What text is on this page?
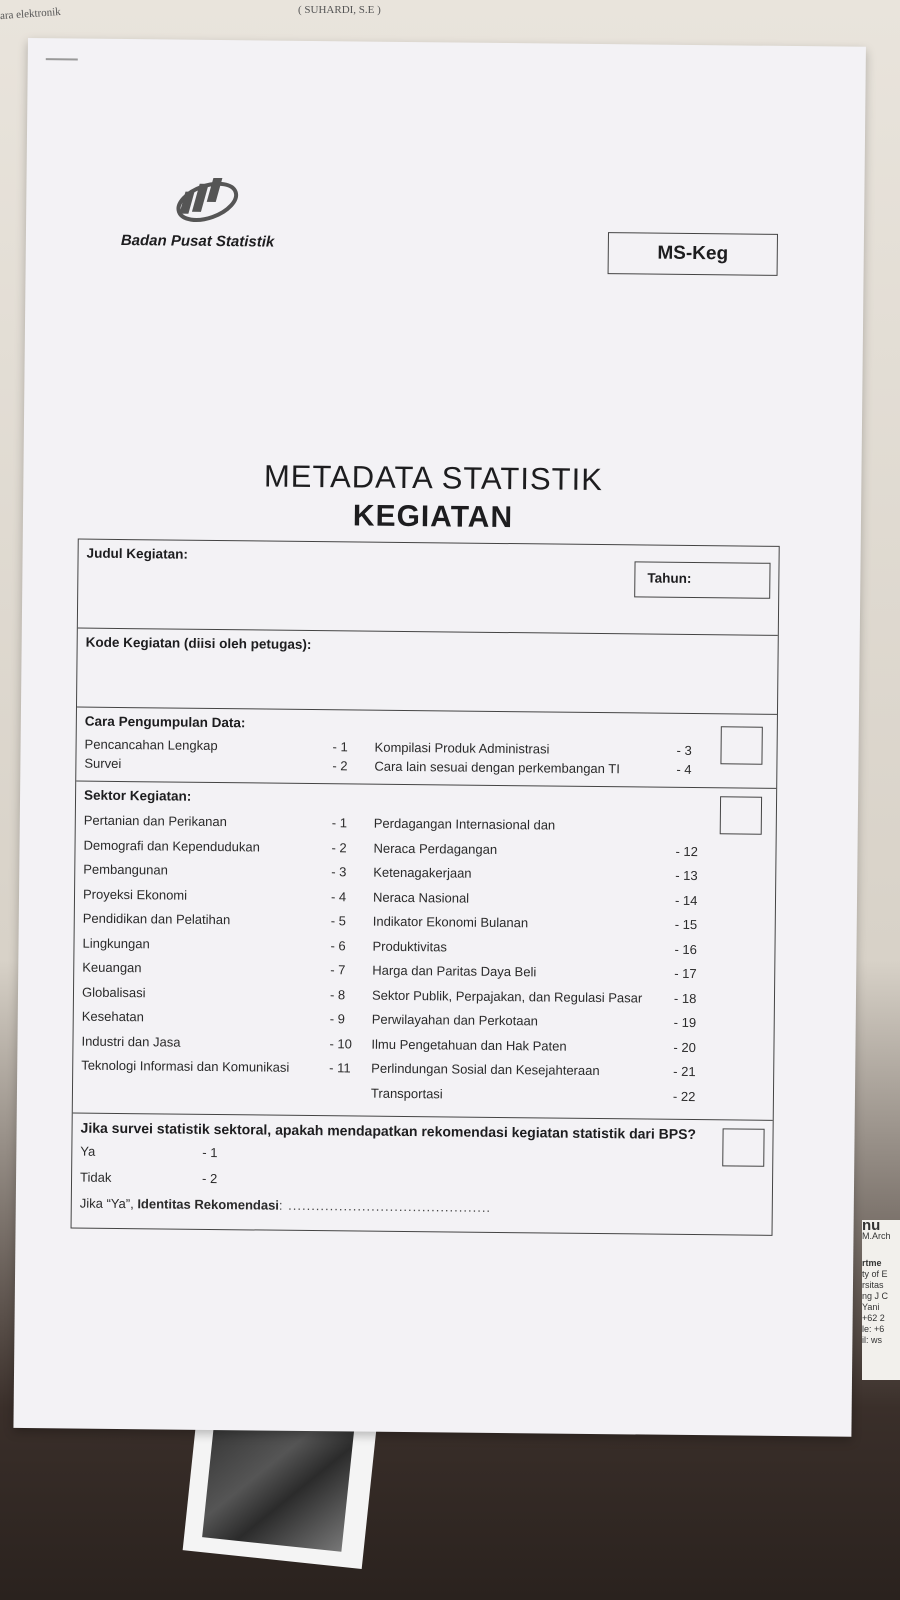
ara elektronik	( SUHARDI, S.E )
nu
M.Arch
rtme
ty of E
rsitas
ng J C
Yani
+62 2
le: +6
il: ws
Badan Pusat Statistik
MS-Keg
METADATA STATISTIK
KEGIATAN
Judul Kegiatan:
Tahun:
Kode Kegiatan (diisi oleh petugas):
Cara Pengumpulan Data:
Pencancahan Lengkap	- 1 Kompilasi Produk Administrasi	- 3
Survei	- 2 Cara lain sesuai dengan perkembangan TI	- 4
Sektor Kegiatan:
Pertanian dan Perikanan	- 1 Perdagangan Internasional dan
Demografi dan Kependudukan	- 2 Neraca Perdagangan	- 12
Pembangunan	- 3 Ketenagakerjaan	- 13
Proyeksi Ekonomi	- 4 Neraca Nasional	- 14
Pendidikan dan Pelatihan	- 5 Indikator Ekonomi Bulanan	- 15
Lingkungan	- 6 Produktivitas	- 16
Keuangan	- 7 Harga dan Paritas Daya Beli	- 17
Globalisasi	- 8 Sektor Publik, Perpajakan, dan Regulasi Pasar - 18
Kesehatan	- 9 Perwilayahan dan Perkotaan	- 19
Industri dan Jasa	- 10 Ilmu Pengetahuan dan Hak Paten	- 20
Teknologi Informasi dan Komunikasi	- 11 Perlindungan Sosial dan Kesejahteraan	- 21
Transportasi	- 22
Jika survei statistik sektoral, apakah mendapatkan rekomendasi kegiatan statistik dari BPS?
Ya	- 1
Tidak	- 2
Jika “Ya”, Identitas Rekomendasi: ............................................
